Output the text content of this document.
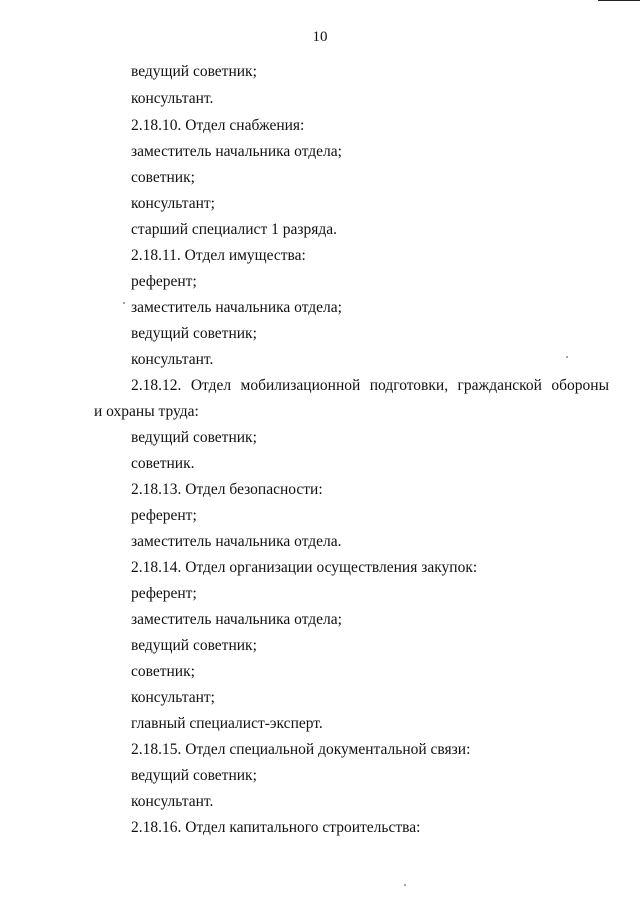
10
ведущий советник;
консультант.
2.18.10. Отдел снабжения:
заместитель начальника отдела;
советник;
консультант;
старший специалист 1 разряда.
2.18.11. Отдел имущества:
референт;
заместитель начальника отдела;
ведущий советник;
консультант.
2.18.12. Отдел мобилизационной подготовки, гражданской обороны
и охраны труда:
ведущий советник;
советник.
2.18.13. Отдел безопасности:
референт;
заместитель начальника отдела.
2.18.14. Отдел организации осуществления закупок:
референт;
заместитель начальника отдела;
ведущий советник;
советник;
консультант;
главный специалист-эксперт.
2.18.15. Отдел специальной документальной связи:
ведущий советник;
консультант.
2.18.16. Отдел капитального строительства:
